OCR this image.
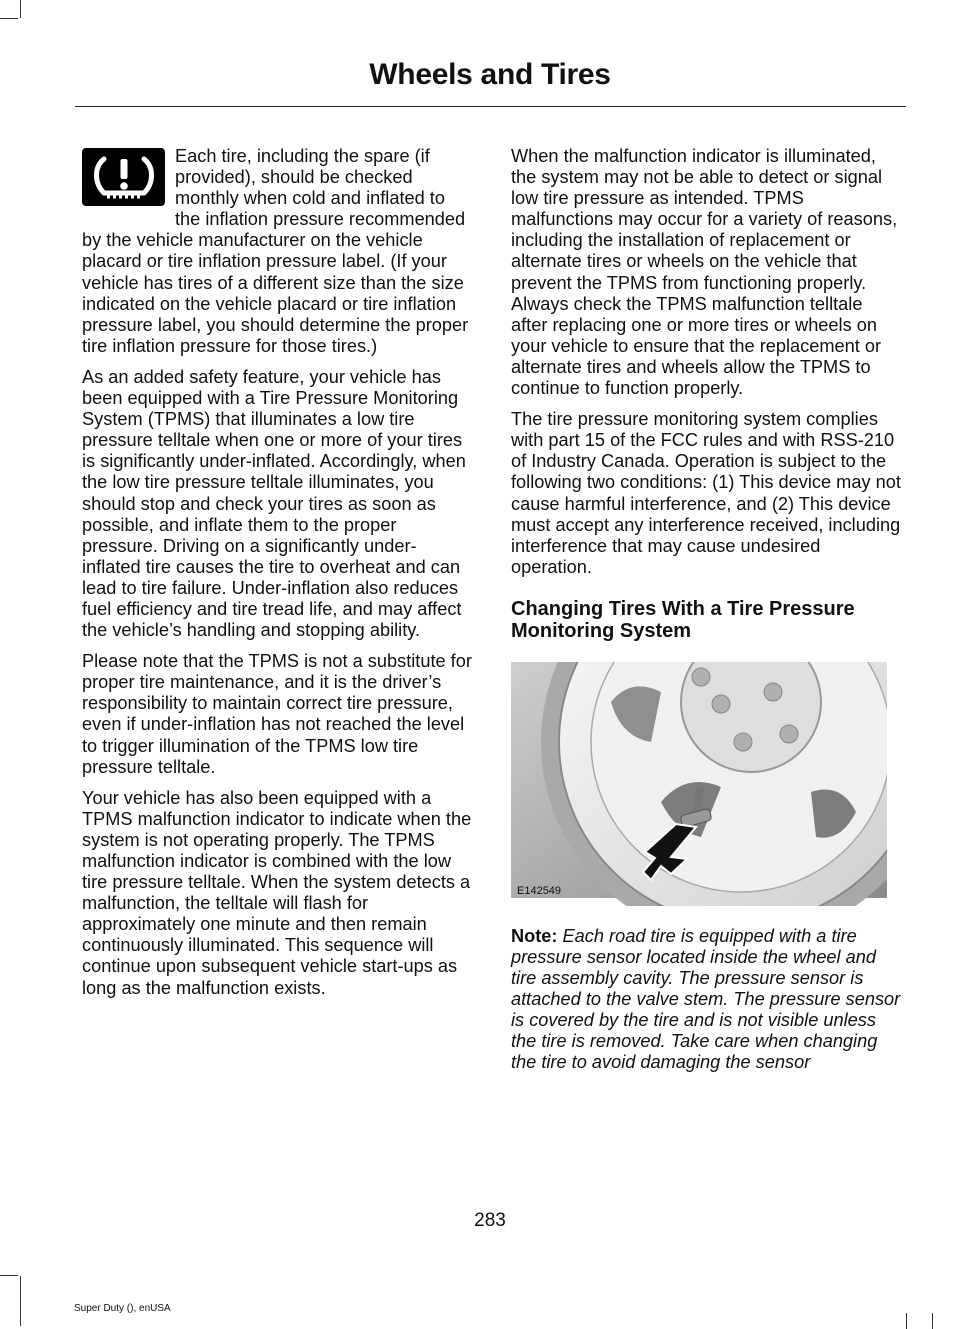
Wheels and Tires

Each tire, including the spare (if provided), should be checked monthly when cold and inflated to the inflation pressure recommended by the vehicle manufacturer on the vehicle placard or tire inflation pressure label. (If your vehicle has tires of a different size than the size indicated on the vehicle placard or tire inflation pressure label, you should determine the proper tire inflation pressure for those tires.)

As an added safety feature, your vehicle has been equipped with a Tire Pressure Monitoring System (TPMS) that illuminates a low tire pressure telltale when one or more of your tires is significantly under-inflated. Accordingly, when the low tire pressure telltale illuminates, you should stop and check your tires as soon as possible, and inflate them to the proper pressure. Driving on a significantly under-inflated tire causes the tire to overheat and can lead to tire failure. Under-inflation also reduces fuel efficiency and tire tread life, and may affect the vehicle’s handling and stopping ability.

Please note that the TPMS is not a substitute for proper tire maintenance, and it is the driver’s responsibility to maintain correct tire pressure, even if under-inflation has not reached the level to trigger illumination of the TPMS low tire pressure telltale.

Your vehicle has also been equipped with a TPMS malfunction indicator to indicate when the system is not operating properly. The TPMS malfunction indicator is combined with the low tire pressure telltale. When the system detects a malfunction, the telltale will flash for approximately one minute and then remain continuously illuminated. This sequence will continue upon subsequent vehicle start-ups as long as the malfunction exists.

When the malfunction indicator is illuminated, the system may not be able to detect or signal low tire pressure as intended. TPMS malfunctions may occur for a variety of reasons, including the installation of replacement or alternate tires or wheels on the vehicle that prevent the TPMS from functioning properly. Always check the TPMS malfunction telltale after replacing one or more tires or wheels on your vehicle to ensure that the replacement or alternate tires and wheels allow the TPMS to continue to function properly.

The tire pressure monitoring system complies with part 15 of the FCC rules and with RSS-210 of Industry Canada. Operation is subject to the following two conditions: (1) This device may not cause harmful interference, and (2) This device must accept any interference received, including interference that may cause undesired operation.

Changing Tires With a Tire Pressure Monitoring System
E142549

Note: Each road tire is equipped with a tire pressure sensor located inside the wheel and tire assembly cavity. The pressure sensor is attached to the valve stem. The pressure sensor is covered by the tire and is not visible unless the tire is removed. Take care when changing the tire to avoid damaging the sensor

283
Super Duty (), enUSA
